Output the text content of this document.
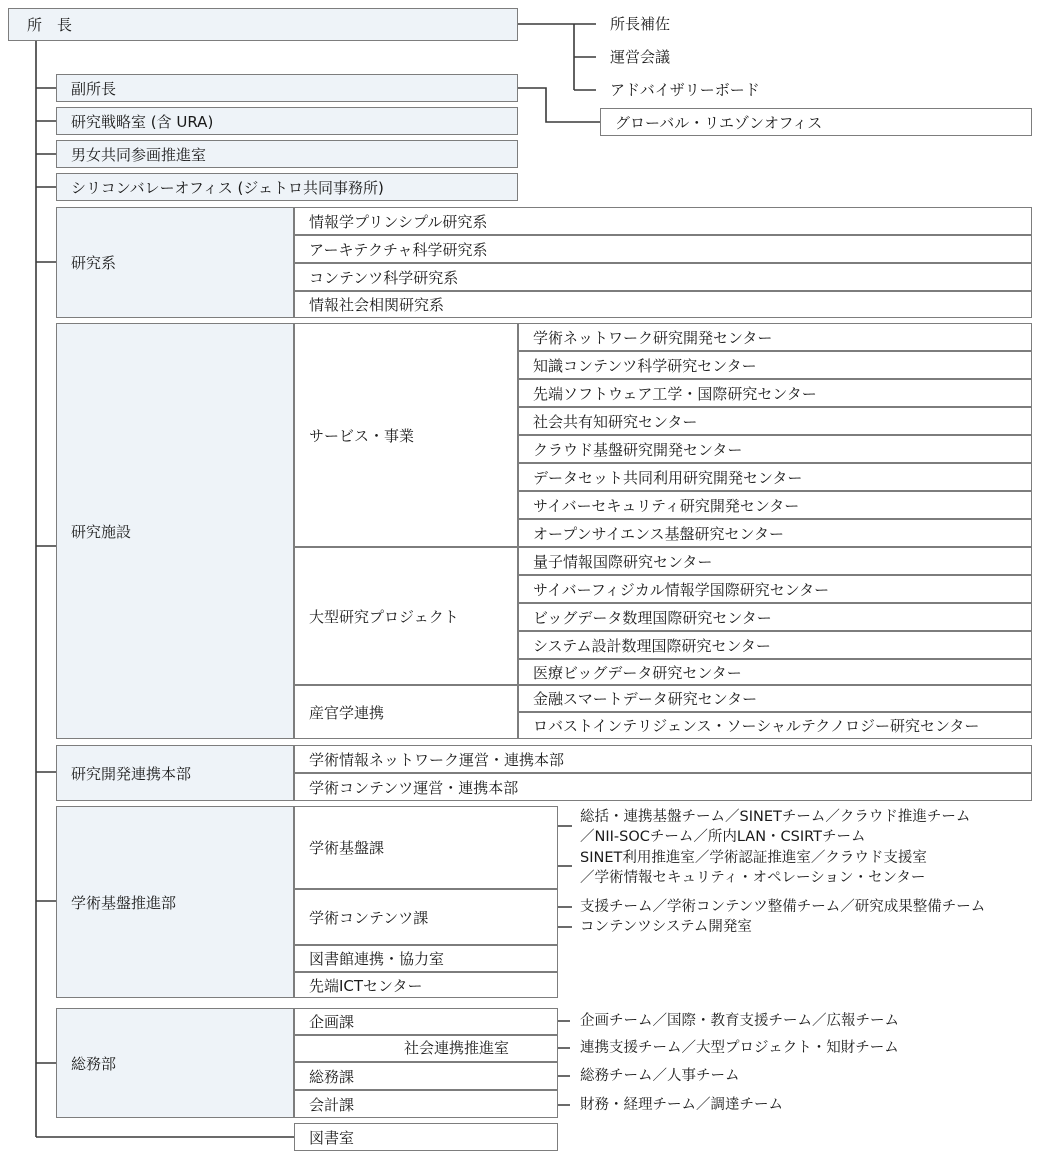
所　長	所長補佐
運営会議
アドバイザリーボード
副所長
グローバル・リエゾンオフィス
研究戦略室 (含 URA)
男女共同参画推進室
シリコンバレーオフィス (ジェトロ共同事務所)
研究系
情報学プリンシプル研究系
アーキテクチャ科学研究系
コンテンツ科学研究系
情報社会相関研究系
研究施設
サービス・事業
学術ネットワーク研究開発センター
知識コンテンツ科学研究センター
先端ソフトウェア工学・国際研究センター
社会共有知研究センター
クラウド基盤研究開発センター
データセット共同利用研究開発センター
サイバーセキュリティ研究開発センター
オープンサイエンス基盤研究センター
大型研究プロジェクト
量子情報国際研究センター
サイバーフィジカル情報学国際研究センター
ビッグデータ数理国際研究センター
システム設計数理国際研究センター
医療ビッグデータ研究センター
産官学連携
金融スマートデータ研究センター
ロバストインテリジェンス・ソーシャルテクノロジー研究センター
研究開発連携本部
学術情報ネットワーク運営・連携本部
学術コンテンツ運営・連携本部
学術基盤推進部
学術基盤課
学術コンテンツ課
図書館連携・協力室
先端ICTセンター
総括・連携基盤チーム／SINETチーム／クラウド推進チーム
／NII-SOCチーム／所内LAN・CSIRTチーム
SINET利用推進室／学術認証推進室／クラウド支援室
／学術情報セキュリティ・オペレーション・センター
支援チーム／学術コンテンツ整備チーム／研究成果整備チーム
コンテンツシステム開発室
総務部
企画課
社会連携推進室
総務課
会計課
企画チーム／国際・教育支援チーム／広報チーム
連携支援チーム／大型プロジェクト・知財チーム
総務チーム／人事チーム
財務・経理チーム／調達チーム
図書室
